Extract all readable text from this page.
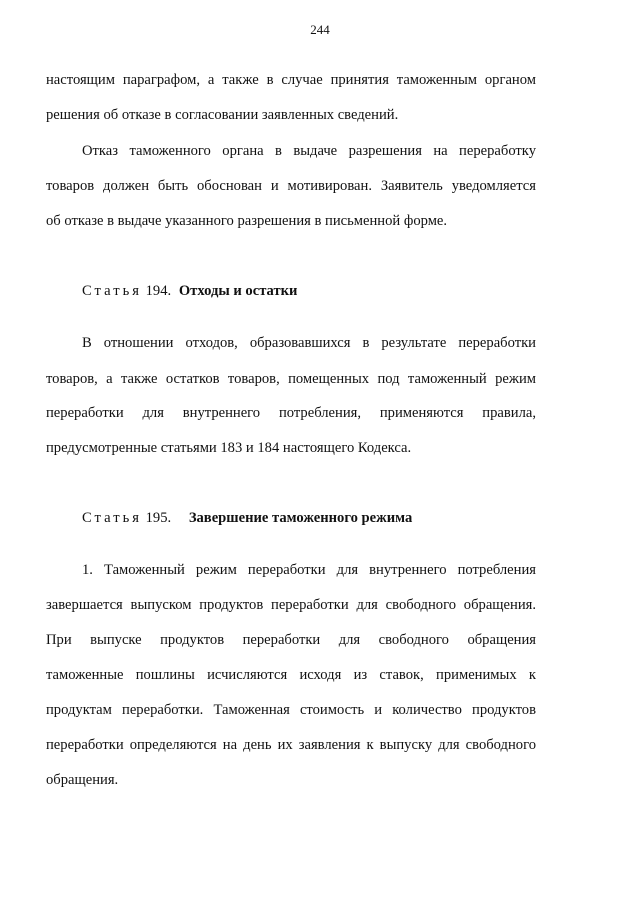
244
настоящим параграфом, а также в случае принятия таможенным органом
решения об отказе в согласовании заявленных сведений.
Отказ таможенного органа в выдаче разрешения на переработку
товаров должен быть обоснован и мотивирован. Заявитель уведомляется
об отказе в выдаче указанного разрешения в письменной форме.
Статья 194. Отходы и остатки
В отношении отходов, образовавшихся в результате переработки
товаров, а также остатков товаров, помещенных под таможенный режим
переработки для внутреннего потребления, применяются правила,
предусмотренные статьями 183 и 184 настоящего Кодекса.
Статья 195. Завершение таможенного режима
1. Таможенный режим переработки для внутреннего потребления
завершается выпуском продуктов переработки для свободного обращения.
При выпуске продуктов переработки для свободного обращения
таможенные пошлины исчисляются исходя из ставок, применимых к
продуктам переработки. Таможенная стоимость и количество продуктов
переработки определяются на день их заявления к выпуску для свободного
обращения.
